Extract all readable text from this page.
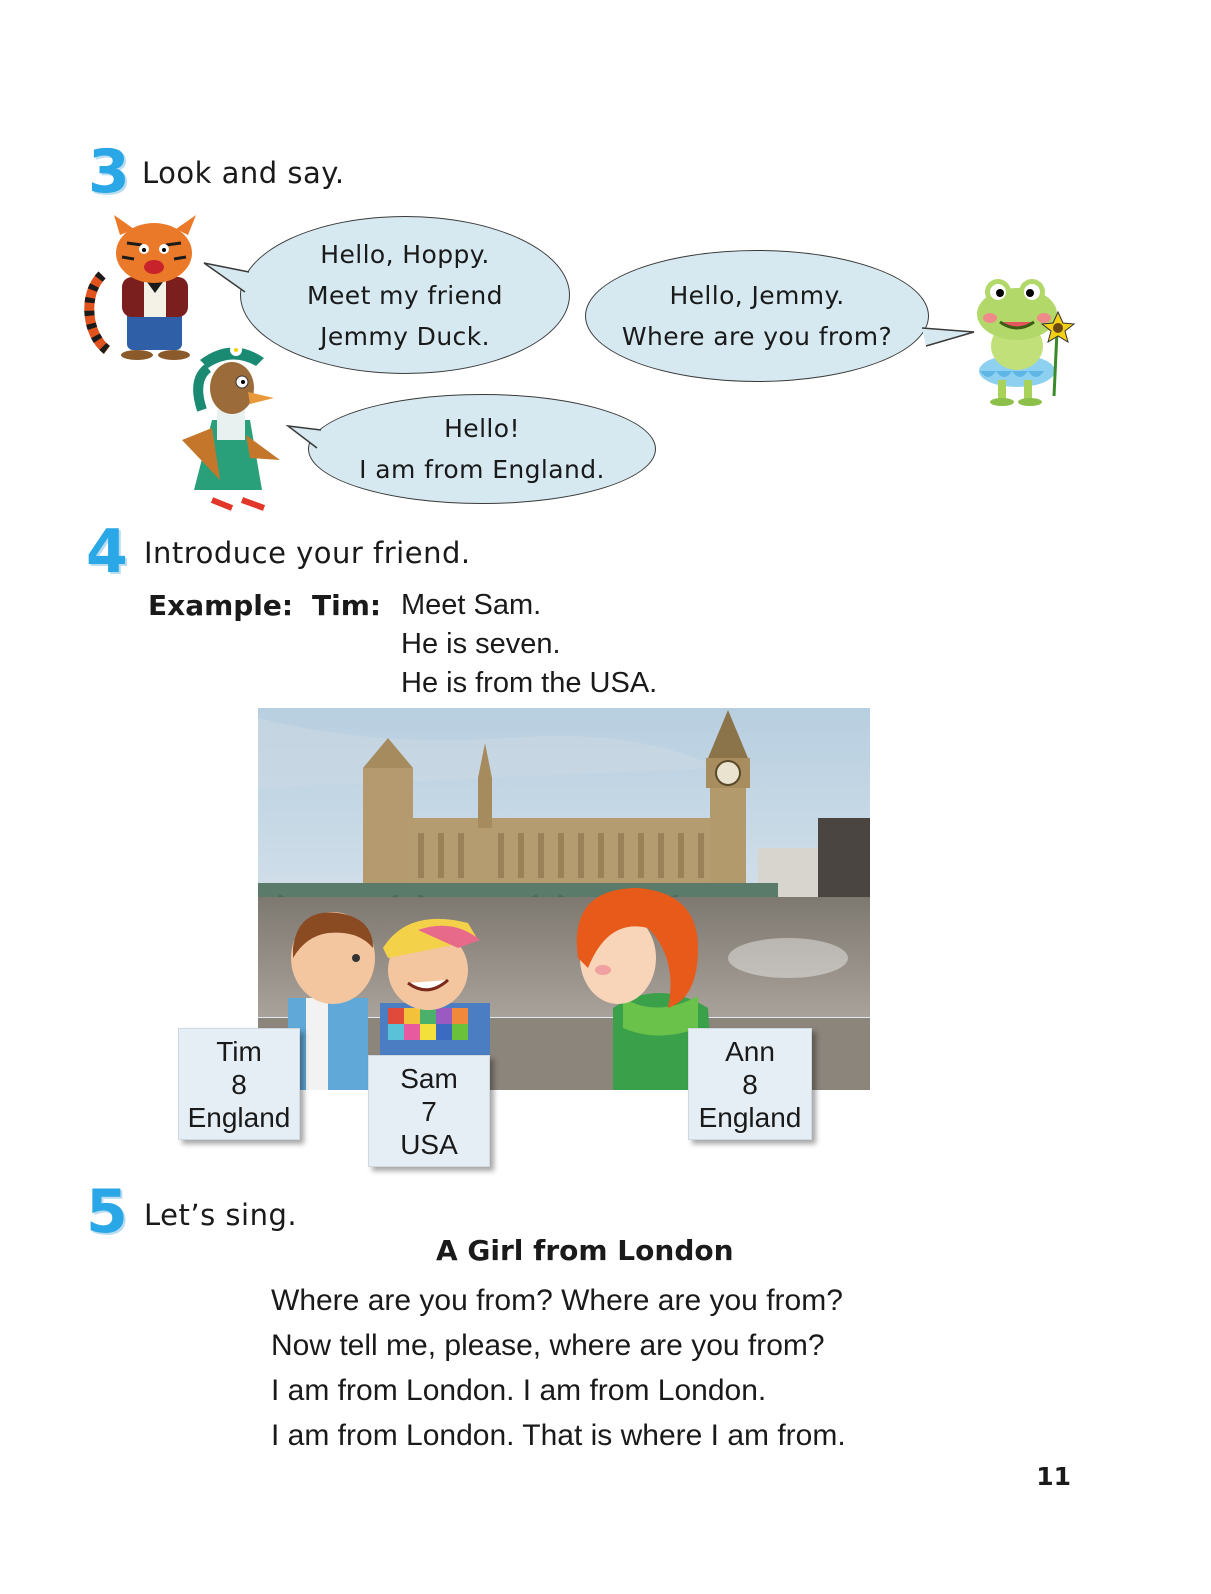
3 Look and say.
Hello, Hoppy.
Meet my friend
Jemmy Duck.
Hello, Jemmy.
Where are you from?
Hello!
I am from England.
4 Introduce your friend.
Example: Tim: Meet Sam.
He is seven.
He is from the USA.
Tim
8
England
Sam
7
USA
Ann
8
England
5 Let’s sing.
A Girl from London
Where are you from? Where are you from?
Now tell me, please, where are you from?
I am from London. I am from London.
I am from London. That is where I am from.
11
